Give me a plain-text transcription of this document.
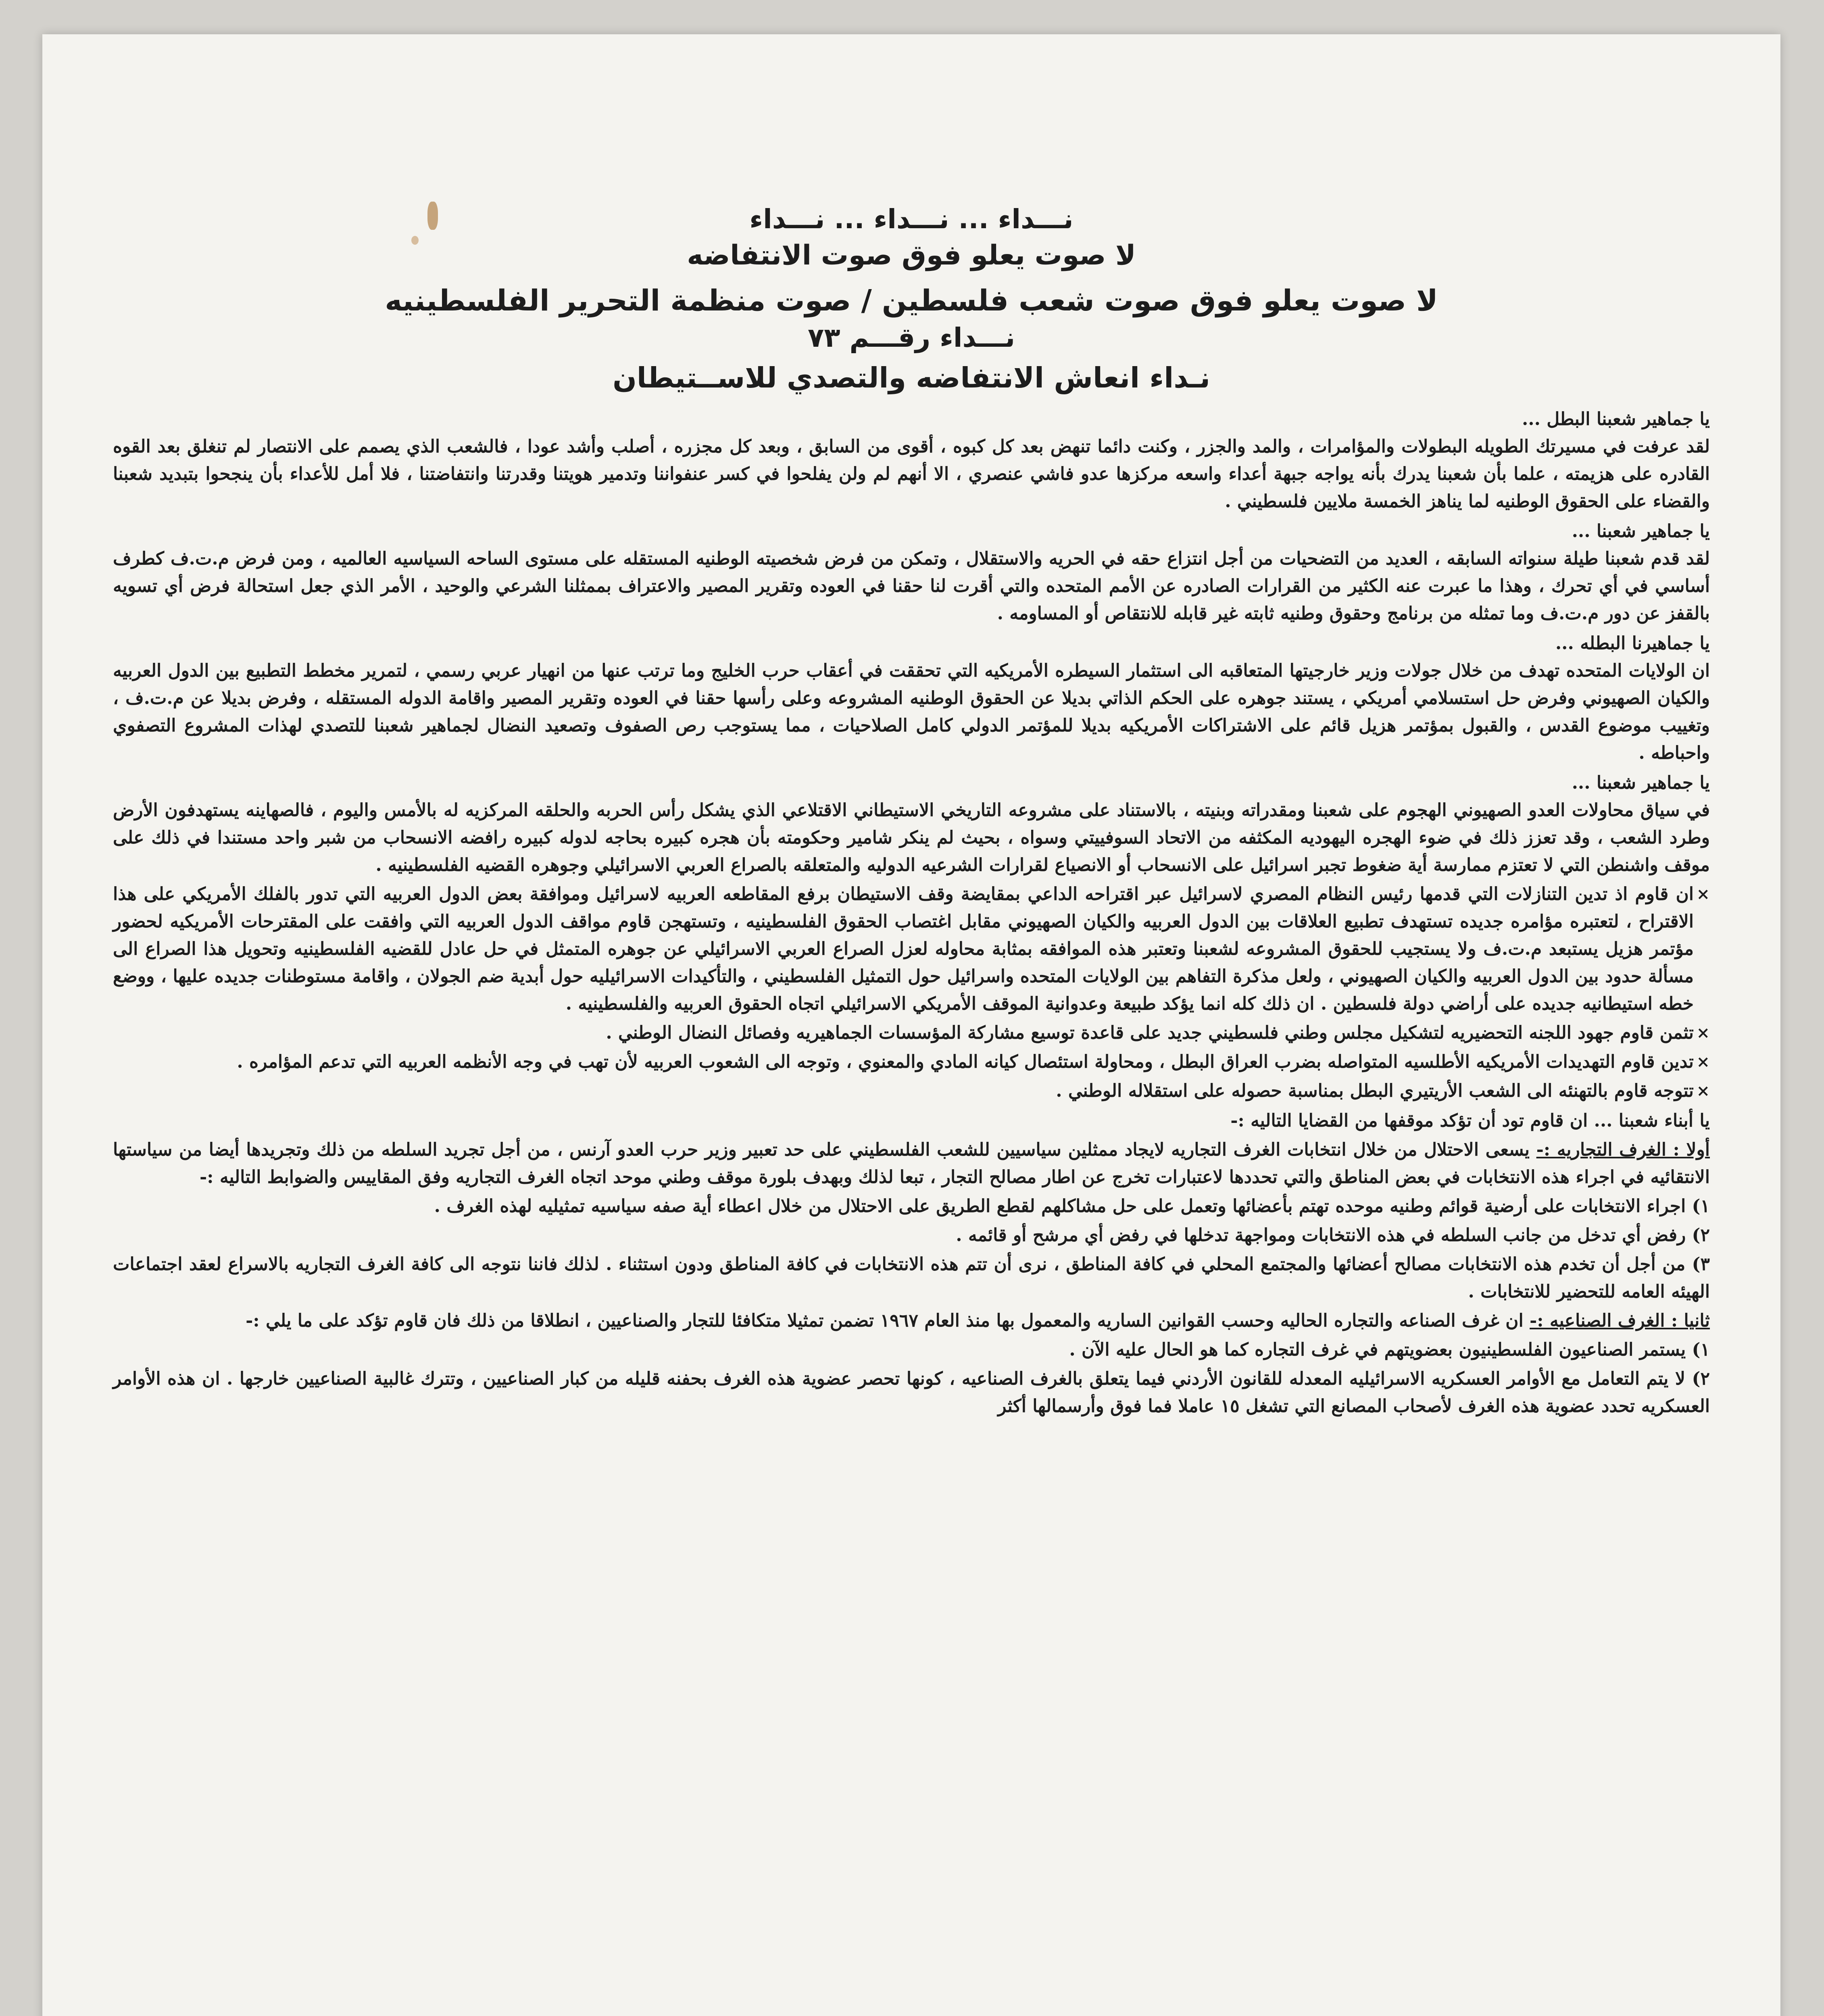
نـــداء ... نـــداء ... نـــداء
لا صوت يعلو فوق صوت الانتفاضه
لا صوت يعلو فوق صوت شعب فلسطين / صوت منظمة التحرير الفلسطينيه
نـــداء رقـــم ٧٣
نـداء انعاش الانتفاضه والتصدي للاســتيطان

يا جماهير شعبنا البطل ...

لقد عرفت في مسيرتك الطويله البطولات والمؤامرات ، والمد والجزر ، وكنت دائما تنهض بعد كل كبوه ، أقوى من السابق ، وبعد كل مجزره ، أصلب وأشد عودا ، فالشعب الذي يصمم على الانتصار لم تنغلق بعد القوه القادره على هزيمته ، علما بأن شعبنا يدرك بأنه يواجه جبهة أعداء واسعه مركزها عدو فاشي عنصري ، الا أنهم لم ولن يفلحوا في كسر عنفواننا وتدمير هويتنا وقدرتنا وانتفاضتنا ، فلا أمل للأعداء بأن ينجحوا بتبديد شعبنا والقضاء على الحقوق الوطنيه لما يناهز الخمسة ملايين فلسطيني .

يا جماهير شعبنا ...

لقد قدم شعبنا طيلة سنواته السابقه ، العديد من التضحيات من أجل انتزاع حقه في الحريه والاستقلال ، وتمكن من فرض شخصيته الوطنيه المستقله على مستوى الساحه السياسيه العالميه ، ومن فرض م.ت.ف كطرف أساسي في أي تحرك ، وهذا ما عبرت عنه الكثير من القرارات الصادره عن الأمم المتحده والتي أقرت لنا حقنا في العوده وتقرير المصير والاعتراف بممثلنا الشرعي والوحيد ، الأمر الذي جعل استحالة فرض أي تسويه بالقفز عن دور م.ت.ف وما تمثله من برنامج وحقوق وطنيه ثابته غير قابله للانتقاص أو المساومه .

يا جماهيرنا البطله ...

ان الولايات المتحده تهدف من خلال جولات وزير خارجيتها المتعاقبه الى استثمار السيطره الأمريكيه التي تحققت في أعقاب حرب الخليج وما ترتب عنها من انهيار عربي رسمي ، لتمرير مخطط التطبيع بين الدول العربيه والكيان الصهيوني وفرض حل استسلامي أمريكي ، يستند جوهره على الحكم الذاتي بديلا عن الحقوق الوطنيه المشروعه وعلى رأسها حقنا في العوده وتقرير المصير واقامة الدوله المستقله ، وفرض بديلا عن م.ت.ف ، وتغييب موضوع القدس ، والقبول بمؤتمر هزيل قائم على الاشتراكات الأمريكيه بديلا للمؤتمر الدولي كامل الصلاحيات ، مما يستوجب رص الصفوف وتصعيد النضال لجماهير شعبنا للتصدي لهذات المشروع التصفوي واحباطه .

يا جماهير شعبنا ...

في سياق محاولات العدو الصهيوني الهجوم على شعبنا ومقدراته وبنيته ، بالاستناد على مشروعه التاريخي الاستيطاني الاقتلاعي الذي يشكل رأس الحربه والحلقه المركزيه له بالأمس واليوم ، فالصهاينه يستهدفون الأرض وطرد الشعب ، وقد تعزز ذلك في ضوء الهجره اليهوديه المكثفه من الاتحاد السوفييتي وسواه ، بحيث لم ينكر شامير وحكومته بأن هجره كبيره بحاجه لدوله كبيره رافضه الانسحاب من شبر واحد مستندا في ذلك على موقف واشنطن التي لا تعتزم ممارسة أية ضغوط تجبر اسرائيل على الانسحاب أو الانصياع لقرارات الشرعيه الدوليه والمتعلقه بالصراع العربي الاسرائيلي وجوهره القضيه الفلسطينيه .

×
ان قاوم اذ تدين التنازلات التي قدمها رئيس النظام المصري لاسرائيل عبر اقتراحه الداعي بمقايضة وقف الاستيطان برفع المقاطعه العربيه لاسرائيل وموافقة بعض الدول العربيه التي تدور بالفلك الأمريكي على هذا الاقتراح ، لتعتبره مؤامره جديده تستهدف تطبيع العلاقات بين الدول العربيه والكيان الصهيوني مقابل اغتصاب الحقوق الفلسطينيه ، وتستهجن قاوم مواقف الدول العربيه التي وافقت على المقترحات الأمريكيه لحضور مؤتمر هزيل يستبعد م.ت.ف ولا يستجيب للحقوق المشروعه لشعبنا وتعتبر هذه الموافقه بمثابة محاوله لعزل الصراع العربي الاسرائيلي عن جوهره المتمثل في حل عادل للقضيه الفلسطينيه وتحويل هذا الصراع الى مسألة حدود بين الدول العربيه والكيان الصهيوني ، ولعل مذكرة التفاهم بين الولايات المتحده واسرائيل حول التمثيل الفلسطيني ، والتأكيدات الاسرائيليه حول أبدية ضم الجولان ، واقامة مستوطنات جديده عليها ، ووضع خطه استيطانيه جديده على أراضي دولة فلسطين . ان ذلك كله انما يؤكد طبيعة وعدوانية الموقف الأمريكي الاسرائيلي اتجاه الحقوق العربيه والفلسطينيه .

×
تثمن قاوم جهود اللجنه التحضيريه لتشكيل مجلس وطني فلسطيني جديد على قاعدة توسيع مشاركة المؤسسات الجماهيريه وفصائل النضال الوطني .

×
تدين قاوم التهديدات الأمريكيه الأطلسيه المتواصله بضرب العراق البطل ، ومحاولة استئصال كيانه المادي والمعنوي ، وتوجه الى الشعوب العربيه لأن تهب في وجه الأنظمه العربيه التي تدعم المؤامره .

×
تتوجه قاوم بالتهنئه الى الشعب الأريتيري البطل بمناسبة حصوله على استقلاله الوطني .

يا أبناء شعبنا ... ان قاوم تود أن تؤكد موقفها من القضايا التاليه :-

أولا : الغرف التجاريه :- يسعى الاحتلال من خلال انتخابات الغرف التجاريه لايجاد ممثلين سياسيين للشعب الفلسطيني على حد تعبير وزير حرب العدو آرنس ، من أجل تجريد السلطه من ذلك وتجريدها أيضا من سياستها الانتقائيه في اجراء هذه الانتخابات في بعض المناطق والتي تحددها لاعتبارات تخرج عن اطار مصالح التجار ، تبعا لذلك وبهدف بلورة موقف وطني موحد اتجاه الغرف التجاريه وفق المقاييس والضوابط التاليه :-

١) اجراء الانتخابات على أرضية قوائم وطنيه موحده تهتم بأعضائها وتعمل على حل مشاكلهم لقطع الطريق على الاحتلال من خلال اعطاء أية صفه سياسيه تمثيليه لهذه الغرف .

٢) رفض أي تدخل من جانب السلطه في هذه الانتخابات ومواجهة تدخلها في رفض أي مرشح أو قائمه .

٣) من أجل أن تخدم هذه الانتخابات مصالح أعضائها والمجتمع المحلي في كافة المناطق ، نرى أن تتم هذه الانتخابات في كافة المناطق ودون استثناء . لذلك فاننا نتوجه الى كافة الغرف التجاريه بالاسراع لعقد اجتماعات الهيئه العامه للتحضير للانتخابات .

ثانيا : الغرف الصناعيه :- ان غرف الصناعه والتجاره الحاليه وحسب القوانين الساريه والمعمول بها منذ العام ١٩٦٧ تضمن تمثيلا متكافئا للتجار والصناعيين ، انطلاقا من ذلك فان قاوم تؤكد على ما يلي :-

١) يستمر الصناعيون الفلسطينيون بعضويتهم في غرف التجاره كما هو الحال عليه الآن .

٢) لا يتم التعامل مع الأوامر العسكريه الاسرائيليه المعدله للقانون الأردني فيما يتعلق بالغرف الصناعيه ، كونها تحصر عضوية هذه الغرف بحفنه قليله من كبار الصناعيين ، وتترك غالبية الصناعيين خارجها . ان هذه الأوامر العسكريه تحدد عضوية هذه الغرف لأصحاب المصانع التي تشغل ١٥ عاملا فما فوق وأرسمالها أكثر
